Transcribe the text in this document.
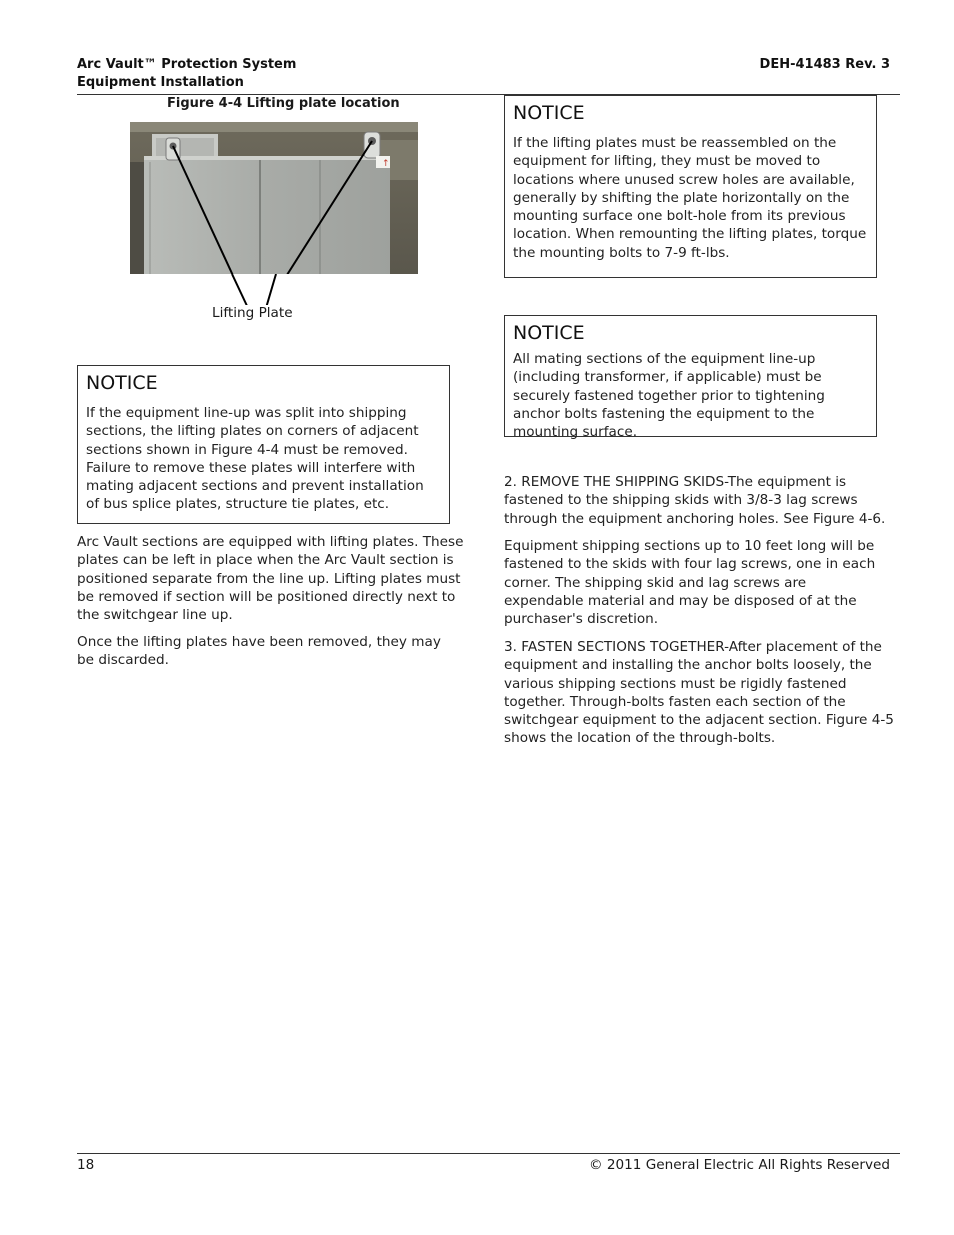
Arc Vault™ Protection System
Equipment Installation
DEH-41483 Rev. 3
Figure 4-4 Lifting plate location
↑
Lifting Plate
NOTICE
If the equipment line-up was split into shipping sections, the lifting plates on corners of adjacent sections shown in Figure 4-4 must be removed. Failure to remove these plates will interfere with mating adjacent sections and prevent installation of bus splice plates, structure tie plates, etc.
Arc Vault sections are equipped with lifting plates. These plates can be left in place when the Arc Vault section is positioned separate from the line up. Lifting plates must be removed if section will be positioned directly next to the switchgear line up.
Once the lifting plates have been removed, they may be discarded.
NOTICE
If the lifting plates must be reassembled on the equipment for lifting, they must be moved to locations where unused screw holes are available, generally by shifting the plate horizontally on the mounting surface one bolt-hole from its previous location. When remounting the lifting plates, torque the mounting bolts to 7-9 ft-lbs.
NOTICE
All mating sections of the equipment line-up (including transformer, if applicable) must be securely fastened together prior to tightening anchor bolts fastening the equipment to the mounting surface.
2. REMOVE THE SHIPPING SKIDS-The equipment is fastened to the shipping skids with 3/8-3 lag screws through the equipment anchoring holes. See Figure 4-6.
Equipment shipping sections up to 10 feet long will be fastened to the skids with four lag screws, one in each corner. The shipping skid and lag screws are expendable material and may be disposed of at the purchaser's discretion.
3. FASTEN SECTIONS TOGETHER-After placement of the equipment and installing the anchor bolts loosely, the various shipping sections must be rigidly fastened together. Through-bolts fasten each section of the switchgear equipment to the adjacent section. Figure 4-5 shows the location of the through-bolts.
18	© 2011 General Electric All Rights Reserved
